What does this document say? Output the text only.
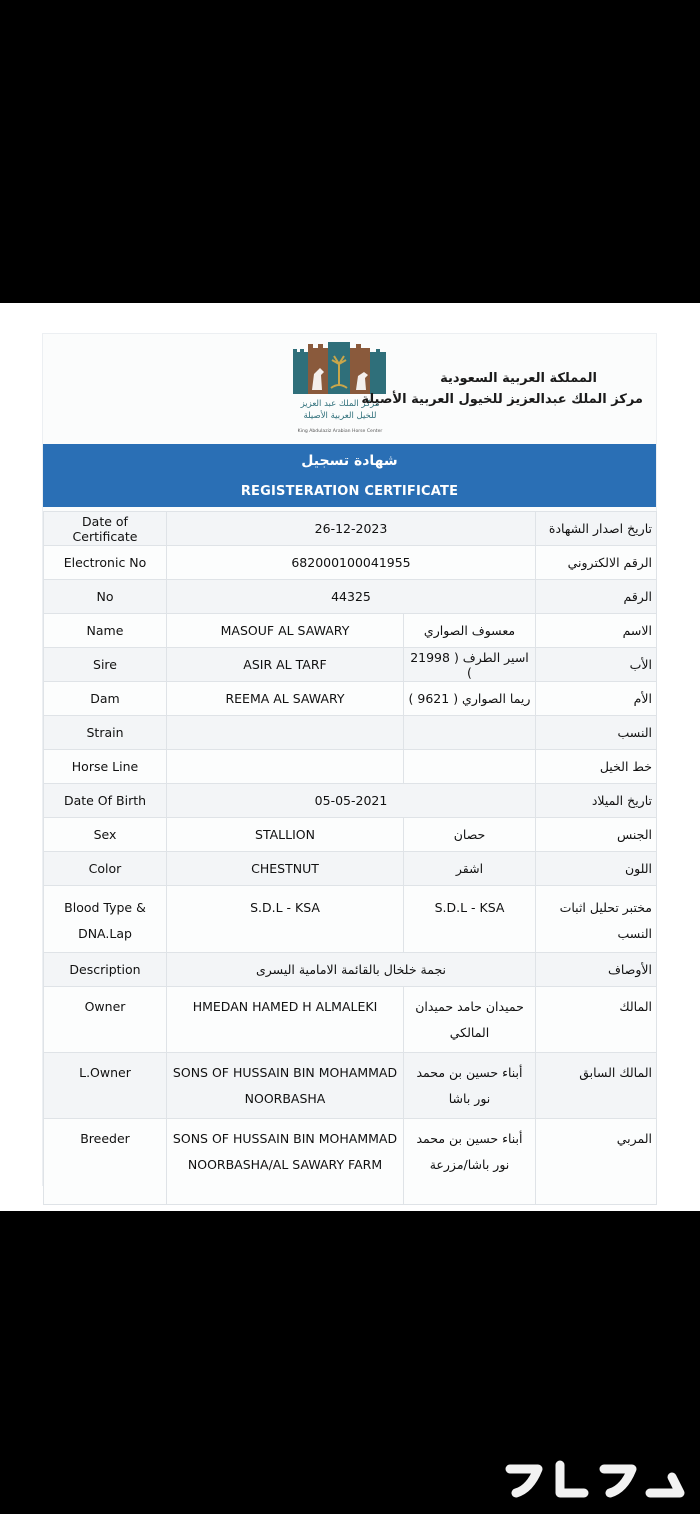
مركز الملك عبد العزيز
للخيل العربية الأصيلة
King Abdulaziz Arabian Horse Center
المملكة العربية السعودية
مركز الملك عبدالعزيز للخيول العربية الأصيلة
شهادة تسجيل
REGISTERATION CERTIFICATE
Date of Certificate	26-12-2023		تاريخ اصدار الشهادة
Electronic No	682000100041955		الرقم الالكتروني
No	44325		الرقم
Name	MASOUF AL SAWARY	معسوف الصواري	الاسم
Sire	ASIR AL TARF	اسير الطرف ( 21998 )	الأب
Dam	REEMA AL SAWARY	ريما الصواري ( 9621 )	الأم
Strain			النسب
Horse Line			خط الخيل
Date Of Birth	05-05-2021		تاريخ الميلاد
Sex	STALLION	حصان	الجنس
Color	CHESTNUT	اشقر	اللون
Blood Type & DNA.Lap	S.D.L - KSA	S.D.L - KSA	مختبر تحليل اثبات النسب
Description	نجمة خلخال بالقائمة الامامية اليسرى		الأوصاف
Owner	HMEDAN HAMED H ALMALEKI	حميدان حامد حميدان المالكي	المالك
L.Owner	SONS OF HUSSAIN BIN MOHAMMAD NOORBASHA	أبناء حسين بن محمد نور باشا	المالك السابق
Breeder	SONS OF HUSSAIN BIN MOHAMMAD NOORBASHA/AL SAWARY FARM	أبناء حسين بن محمد نور باشا/مزرعة	المربي
